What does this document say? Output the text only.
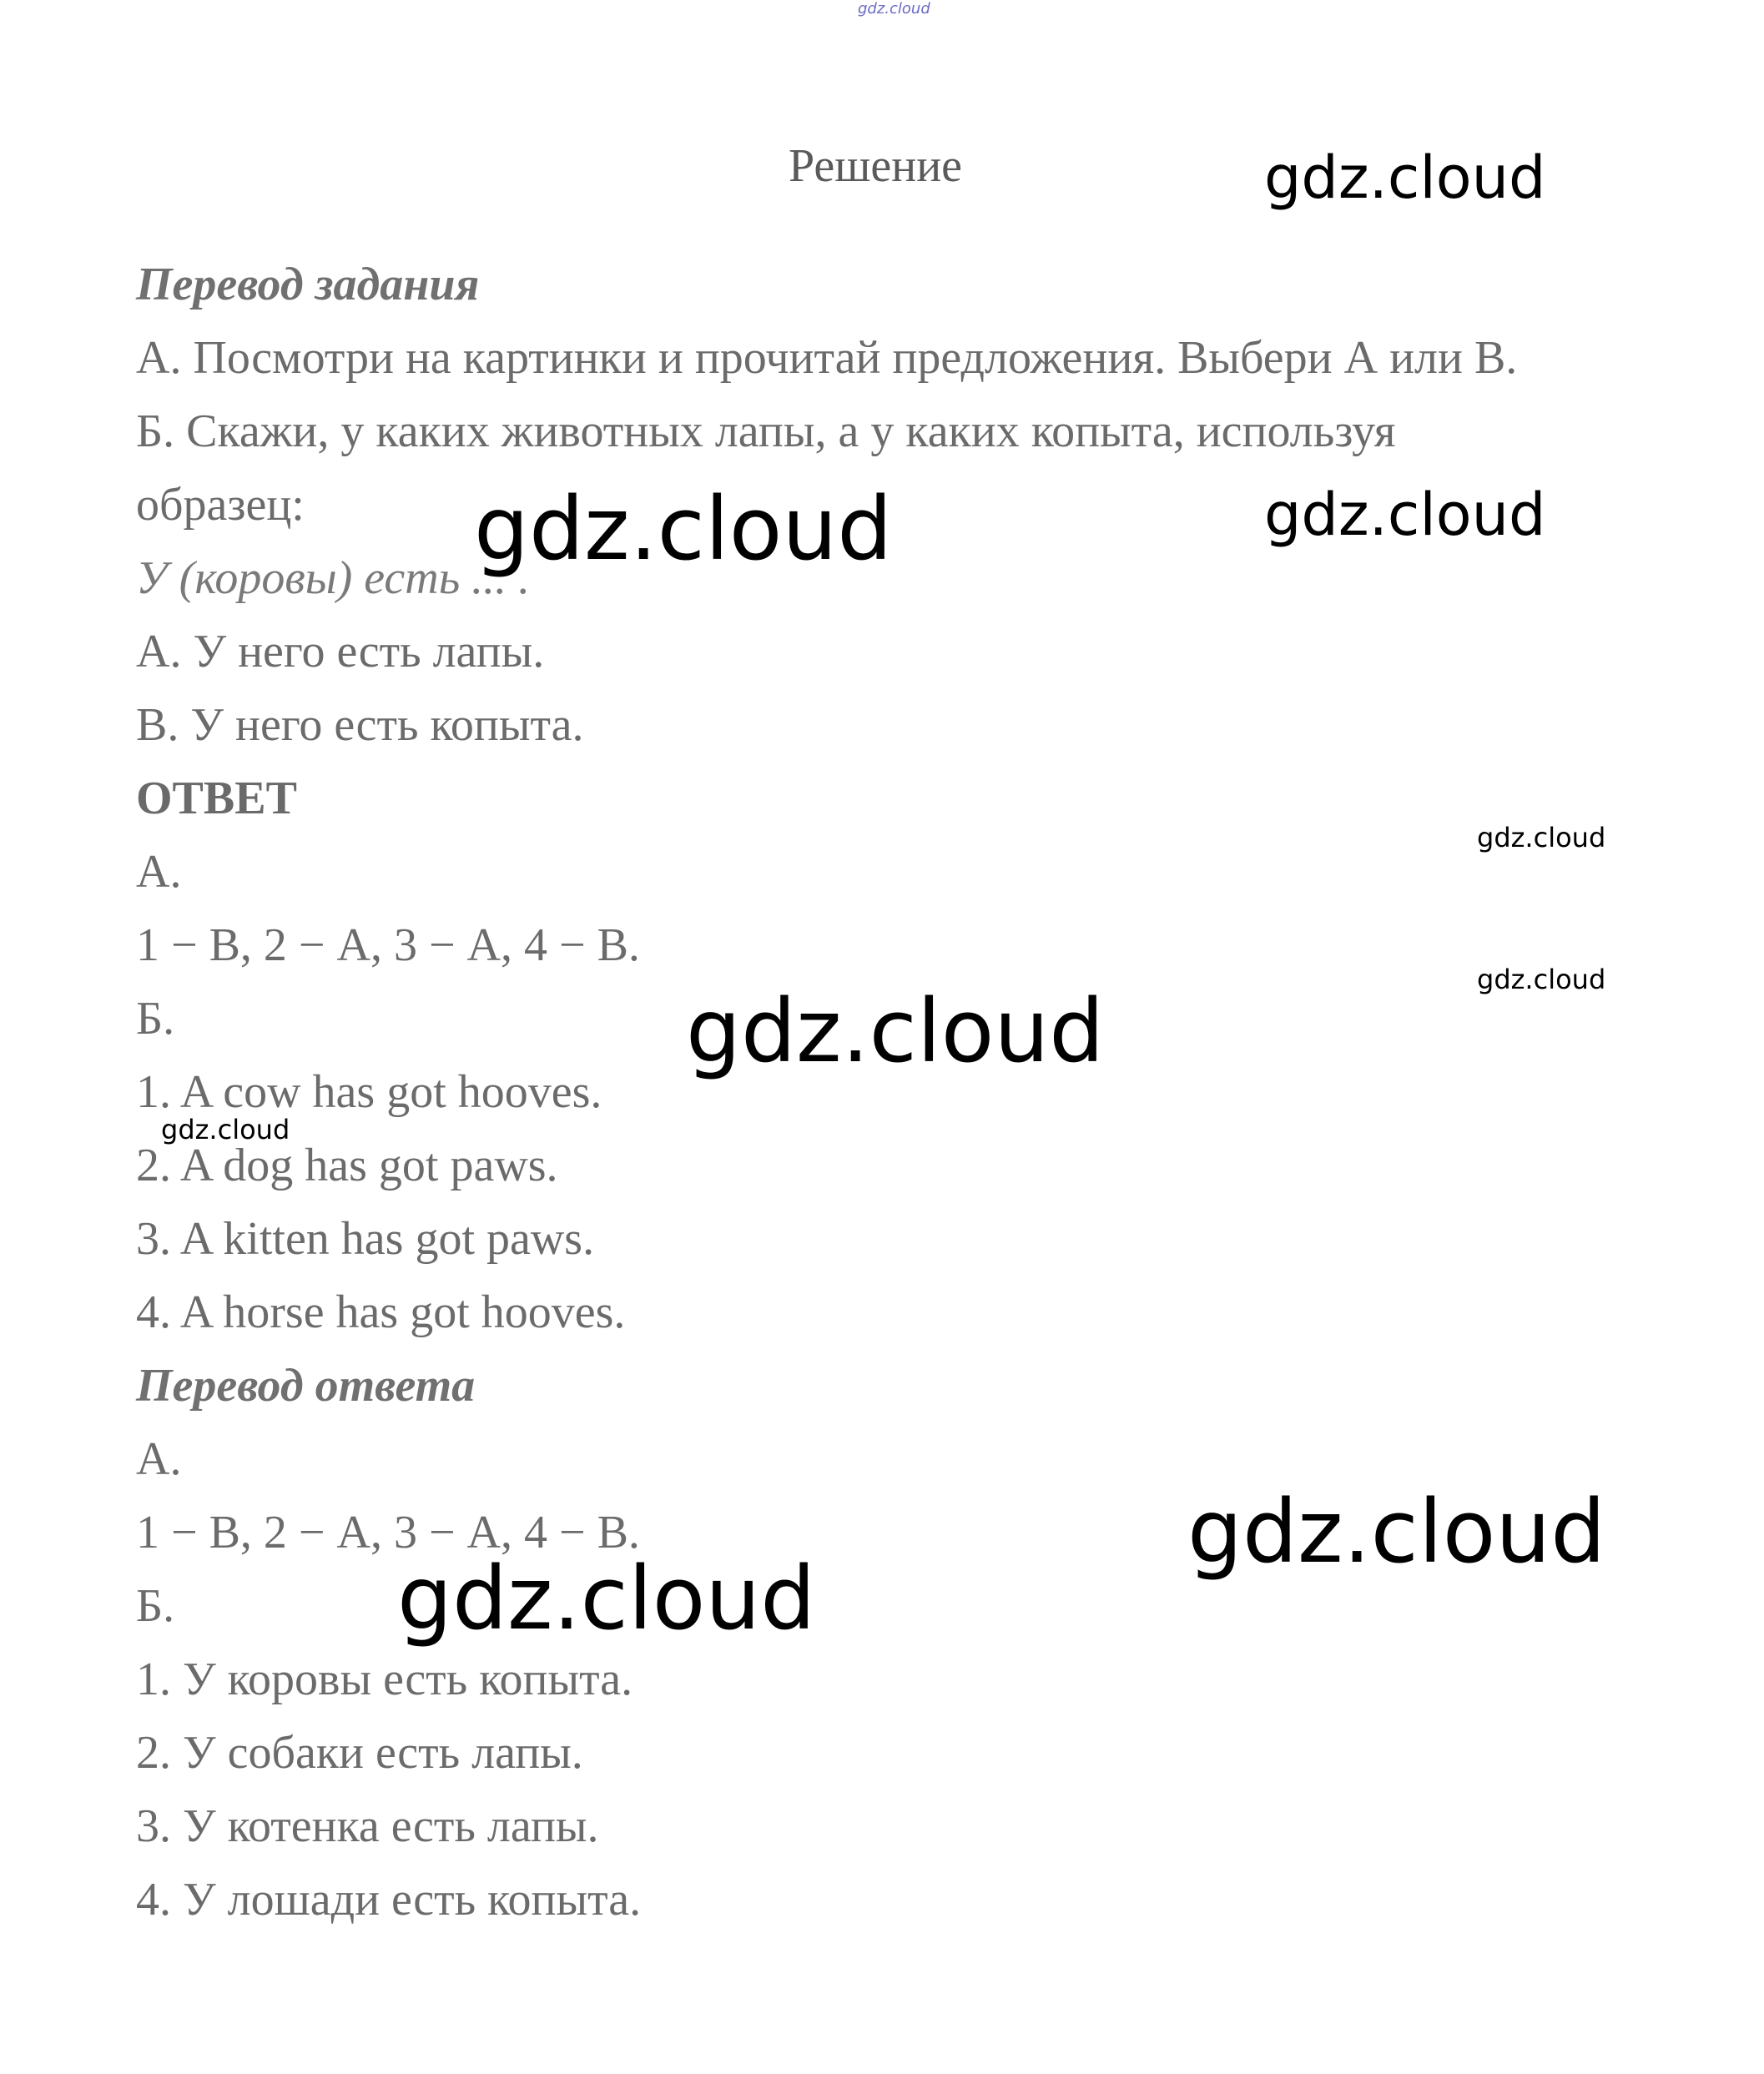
gdz.cloud
Решение
Перевод задания
А. Посмотри на картинки и прочитай предложения. Выбери А или В.
Б. Скажи, у каких животных лапы, а у каких копыта, используя
образец:
У (коровы) есть ... .
А. У него есть лапы.
В. У него есть копыта.
ОТВЕТ
А.
1 − В, 2 − А, 3 − А, 4 − В.
Б.
1. A cow has got hooves.
2. A dog has got paws.
3. A kitten has got paws.
4. A horse has got hooves.
Перевод ответа
А.
1 − В, 2 − А, 3 − А, 4 − В.
Б.
1. У коровы есть копыта.
2. У собаки есть лапы.
3. У котенка есть лапы.
4. У лошади есть копыта.
gdz.cloud
gdz.cloud
gdz.cloud
gdz.cloud
gdz.cloud
gdz.cloud
gdz.cloud
gdz.cloud
gdz.cloud
